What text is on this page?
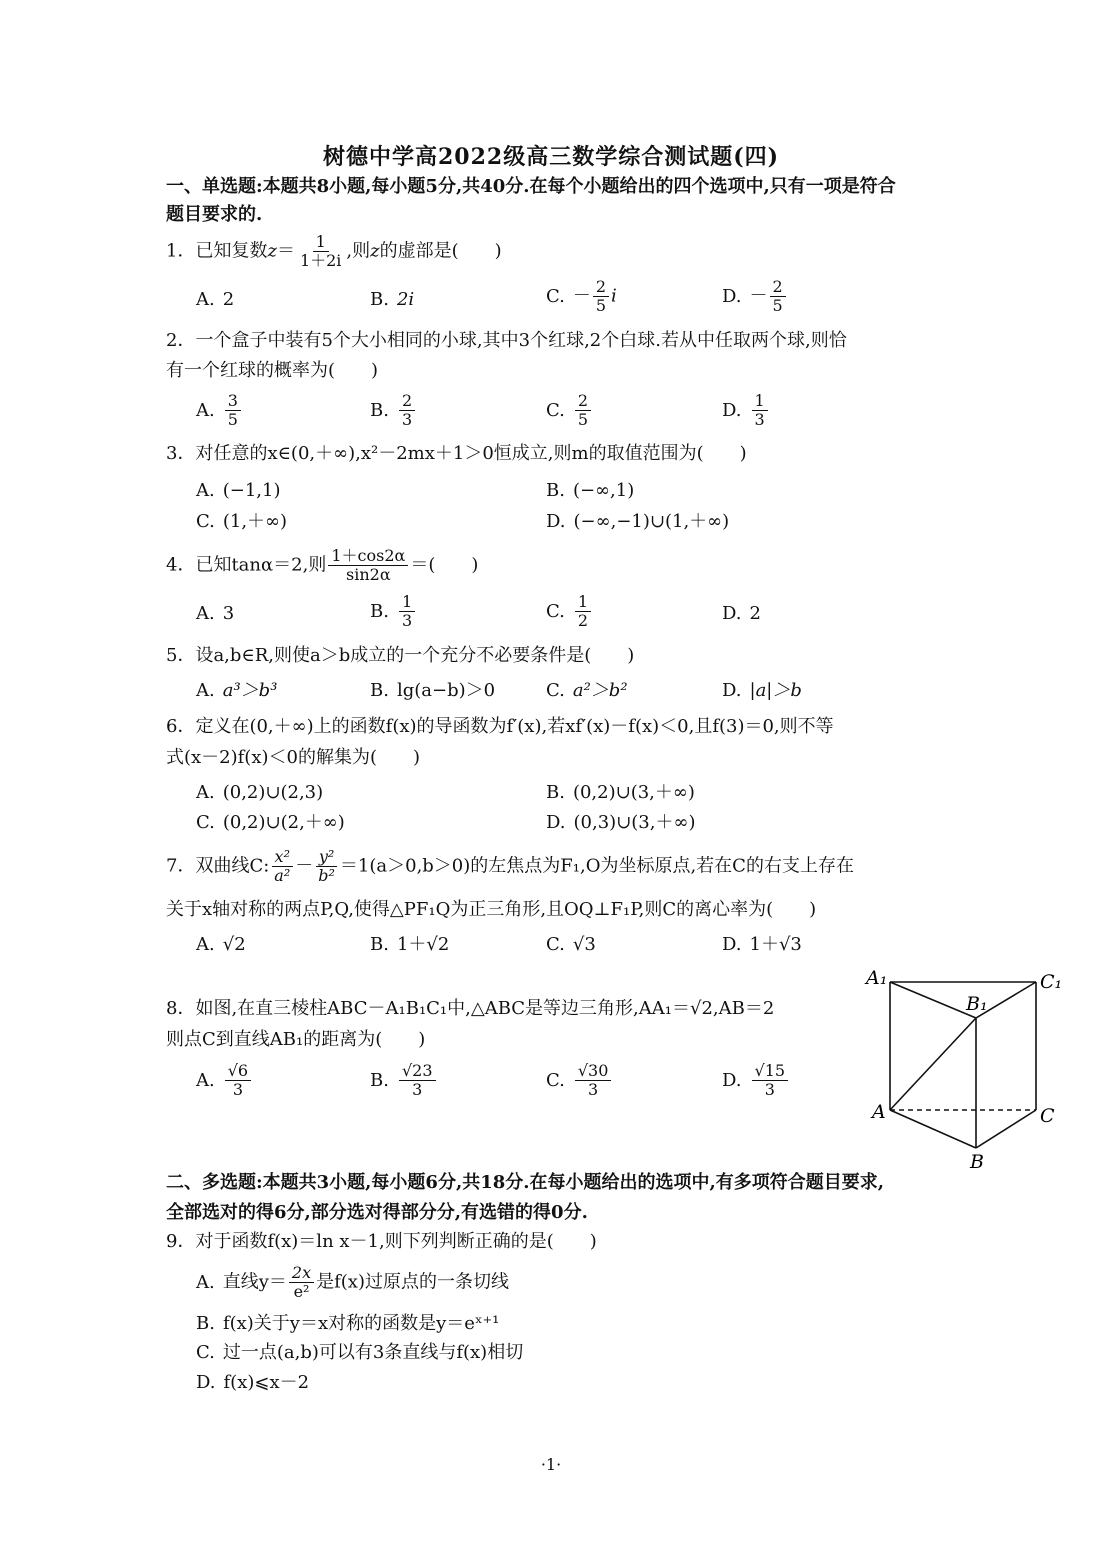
树德中学高2022级高三数学综合测试题(四)
一、单选题:本题共8小题,每小题5分,共40分.在每个小题给出的四个选项中,只有一项是符合
题目要求的.
1．已知复数$z= \frac{1}{1+2i}$ ,则z的虚部是(　　)
A. 2	B. 2i	C. － $\frac{2}{5}$ i	D. － $\frac{2}{5}$
2．一个盒子中装有5个大小相同的小球,其中3个红球,2个白球.若从中任取两个球,则恰
有一个红球的概率为(　　)
A. $\frac{3}{5}$	B. $\frac{2}{3}$	C. $\frac{2}{5}$	D. $\frac{1}{3}$
3．对任意的x∈(0,＋∞),x²－2mx＋1＞0恒成立,则m的取值范围为(　　)
A. (−1,1)	B. (−∞,1)
C. (1,＋∞)	D. (−∞,−1)∪(1,＋∞)
4．已知tanα＝2,则 $\frac{1+\cos 2\alpha}{\sin 2\alpha}$ ＝(　　)
A. 3	B. $\frac{1}{3}$	C. $\frac{1}{2}$	D. 2
5．设a,b∈R,则使a＞b成立的一个充分不必要条件是(　　)
A. a³＞b³	B. lg(a−b)＞0	C. a²＞b²	D. |a|＞b
6．定义在(0,＋∞)上的函数f(x)的导函数为f′(x),若xf′(x)－f(x)＜0,且f(3)＝0,则不等
式(x－2)f(x)＜0的解集为(　　)
A. (0,2)∪(2,3)	B. (0,2)∪(3,＋∞)
C. (0,2)∪(2,＋∞)	D. (0,3)∪(3,＋∞)
7．双曲线C: $\frac{\text{x²}}{\text{a²}} - \frac{\text{y²}}{\text{b²}} =1(a>0,b>0)$的左焦点为F₁,O为坐标原点,若在C的右支上存在
关于x轴对称的两点P,Q,使得△PF₁Q为正三角形,且OQ⊥F₁P,则C的离心率为(　　)
A. √2	B. 1＋√2	C. √3	D. 1＋√3
8．如图,在直三棱柱ABC－A₁B₁C₁中,△ABC是等边三角形,AA₁＝√2,AB＝2
则点C到直线AB₁的距离为(　　)
A. $\frac{√6}{3}$	B. $\frac{√23}{3}$	C. $\frac{√30}{3}$	D. $\frac{√15}{3}$
A₁	C₁
B₁
A	C
B
二、多选题:本题共3小题,每小题6分,共18分.在每小题给出的选项中,有多项符合题目要求,
全部选对的得6分,部分选对得部分分,有选错的得0分.
9．对于函数f(x)＝ln x－1,则下列判断正确的是(　　)
A. 直线$y= \frac{2x}{\text{e²}}$ 是f(x)过原点的一条切线
B. f(x)关于y＝x对称的函数是y＝eˣ⁺¹
C. 过一点(a,b)可以有3条直线与f(x)相切
D. f(x)⩽x－2
·1·
